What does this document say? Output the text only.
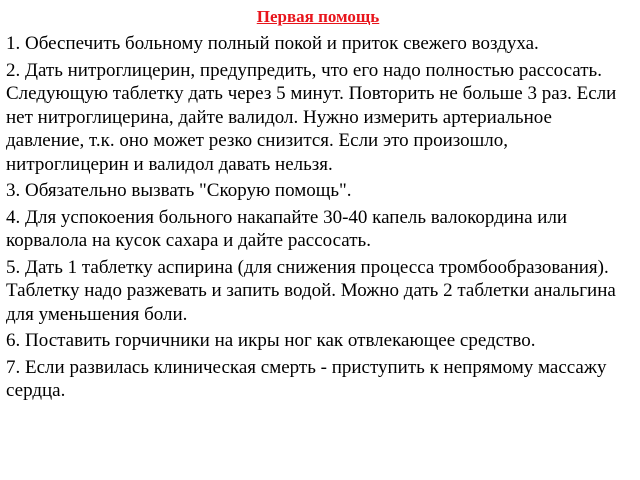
Первая помощь
1. Обеспечить больному полный покой и приток свежего воздуха.
2. Дать нитроглицерин, предупредить, что его надо полностью рассосать. Следующую таблетку дать через 5 минут. Повторить не больше 3 раз. Если нет нитроглицерина, дайте валидол. Нужно измерить артериальное давление, т.к. оно может резко снизится. Если это произошло, нитроглицерин и валидол давать нельзя.
3. Обязательно вызвать "Скорую помощь".
4. Для успокоения больного накапайте 30-40 капель валокордина или корвалола на кусок сахара и дайте рассосать.
5. Дать 1 таблетку аспирина (для снижения процесса тромбообразования). Таблетку надо разжевать и запить водой. Можно дать 2 таблетки анальгина для уменьшения боли.
6. Поставить горчичники на икры ног как отвлекающее средство.
7. Если развилась клиническая смерть - приступить к непрямому массажу сердца.
